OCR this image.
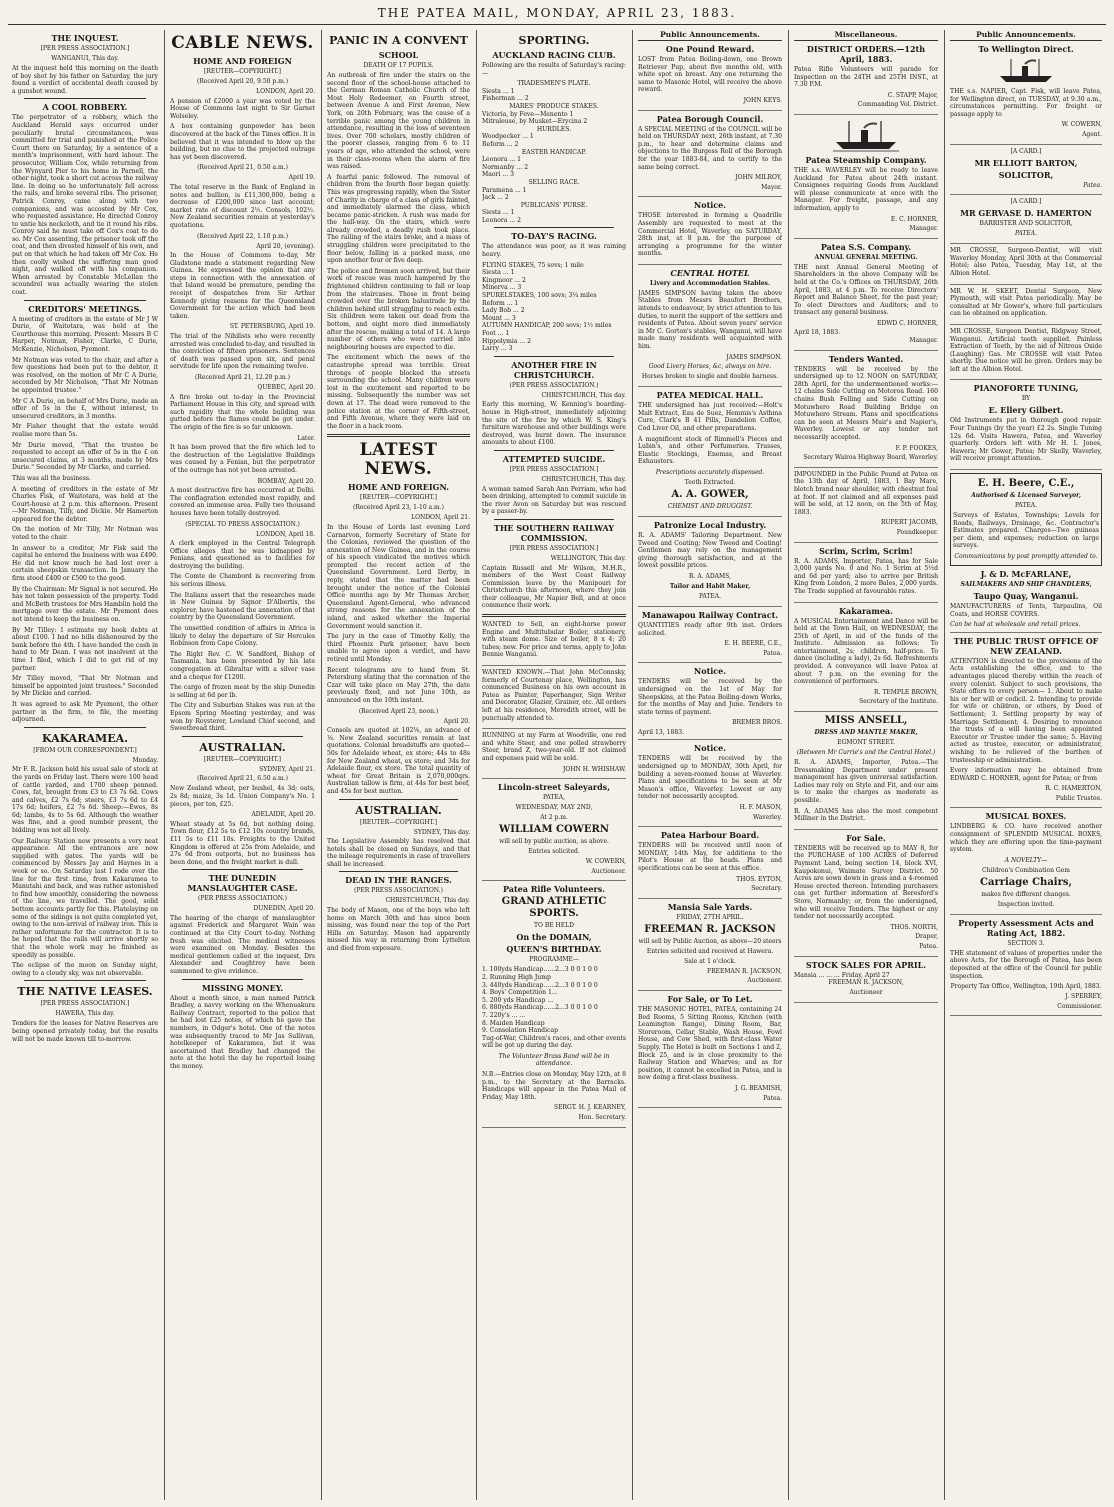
THE PATEA MAIL, MONDAY, APRIL 23, 1883.
THE INQUEST.
[PER PRESS ASSOCIATION.]
WANGANUI, This day.

At the inquest held this morning on the death of boy shot by his father on Saturday, the jury found a verdict of accidental death caused by a gunshot wound.

A COOL ROBBERY.

The perpetrator of a robbery, which the Auckland Herald says occurred under peculiarly brutal circumstances, was committed for trial and punished at the Police Court there on Saturday, by a sentence of a month's imprisonment, with hard labour. The prosecutor, William Cox, while returning from the Wynyard Pier to his home in Parnell, the other night, took a short cut across the railway line. In doing so he unfortunately fell across the rails, and broke several ribs. The prisoner, Patrick Conroy, came along with two companions, and was accosted by Mr Cox, who requested assistance. He directed Conroy to untie his neckcloth, and tie it round his ribs. Conroy said he must take off Cox's coat to do so. Mr Cox assenting, the prisoner took off the coat, and then divested himself of his own, and put on that which he had taken off Mr Cox. He then coolly wished the suffering man good night, and walked off with his companion. When arrested by Constable McLellan the scoundrel was actually wearing the stolen coat.

CREDITORS' MEETINGS.

A meeting of creditors in the estate of Mr J W Durie, of Waitotara, was held at the Courthouse this morning. Present: Messrs B C Harper, Notman, Fisher, Clarke, C Durie, McKenzie, Nicholson, Pyemont.

Mr Notman was voted to the chair, and after a few questions had been put to the debtor, it was resolved, on the motion of Mr C A Durie, seconded by Mr Nicholson, "That Mr Notman be appointed trustee."

Mr C A Durie, on behalf of Mrs Durie, made an offer of 5s in the £, without interest, to unsecured creditors, in 3 months.

Mr Fisher thought that the estate would realise more than 5s.

Mr Durie moved, "That the trustee be requested to accept an offer of 5s in the £ on unsecured claims, at 3 months, made by Mrs Durie." Seconded by Mr Clarke, and carried.

This was all the business.

A meeting of creditors in the estate of Mr Charles Fisk, of Waitotara, was held at the Court-house at 2 p.m. this afternoon. Present—Mr Notman, Tilly, and Dickie. Mr Hamerton appeared for the debtor.

On the motion of Mr Tilly, Mr Notman was voted to the chair.

In answer to a creditor, Mr Fisk said the capital he entered the business with was £490. He did not know much he had lost over a certain sheepskin transaction. In January the firm stood £400 or £500 to the good.

By the Chairman: Mr Signal is not secured. He has not taken possession of the property. Todd and McBeth trustees for Mrs Hamblin hold the mortgage over the estate. Mr Pyemont does not intend to keep the business on.

By Mr Tilley: I estimate my book debts at about £100. I had no bills dishonoured by the bank before the 4th. I have handed the cash in hand to Mr Dean. I was not insolvent at the time I filed, which I did to get rid of my partner.

Mr Tilley moved, "That Mr Notman and himself be appointed joint trustees." Seconded by Mr Dickie and carried.

It was agreed to ask Mr Pyemont, the other partner in the firm, to file, the meeting adjourned.

KAKARAMEA.
[FROM OUR CORRESPONDENT.]
Monday.

Mr F. R. Jackson held his usual sale of stock at the yards on Friday last. There were 100 head of cattle yarded, and 1700 sheep penned. Cows, fat, brought from £3 to £3 7s 6d. Cows and calves, £2 7s 6d; steers, £3 7s 6d to £4 17s 6d; heifers, £2 7s 6d. Sheep:—Ewes, 8s 6d; lambs, 4s to 5s 6d. Although the weather was fine, and a good number present, the bidding was not all lively.

Our Railway Station now presents a very neat appearance. All the entrances are now supplied with gates. The yards will be commenced by Messrs Jay and Haynes in a week or so. On Saturday last I rode over the line for the first time, from Kakaramea to Manutahi and back, and was rather astonished to find how smoothly, considering the newness of the line, we travelled. The good, solid bottom accounts partly for this. Platelaying on some of the sidings is not quite completed yet, owing to the non-arrival of railway iron. This is rather unfortunate for the contractor. It is to be hoped that the rails will arrive shortly so that the whole work may be finished as speedily as possible.

The eclipse of the moon on Sunday night, owing to a cloudy sky, was not observable.

THE NATIVE LEASES.
[PER PRESS ASSOCIATION.]
HAWERA, This day.

Tenders for the leases for Native Reserves are being opened privately today, but the results will not be made known till to-morrow.

CABLE NEWS.
HOME AND FOREIGN
[REUTER—COPYRIGHT.]
(Received April 20, 9.50 p.m.)
LONDON, April 20.

A pension of £2000 a year was voted by the House of Commons last night to Sir Garnet Wolseley.

A box containing gunpowder has been discovered at the back of the Times office. It is believed that it was intended to blow up the building, but no clue to the projected outrage has yet been discovered.

(Received April 21, 0.50 a.m.)
April 19.

The total reserve in the Bank of England in notes and bullion, is £11,300,000, being a decrease of £200,000 since last account; market rate of discount 2½. Consols, 102½. New Zealand securities remain at yesterday's quotations.

(Received April 22, 1.10 p.m.)
April 20, (evening).

In the House of Commons to-day, Mr Gladstone made a statement regarding New Guinea. He expressed the opinion that any steps in connection with the annexation of that Island would be premature, pending the receipt of despatches from Sir Arthur Kennedy giving reasons for the Queensland Government for the action which had been taken.

ST. PETERSBURG, April 19.

The trial of the Nihilists who were recently arrested was concluded to-day, and resulted in the conviction of fifteen prisoners. Sentences of death was passed upon six, and penal servitude for life upon the remaining twelve.

(Received April 21, 12.20 p.m.)
QUEBEC, April 20.

A fire broke out to-day in the Provincial Parliament House in this city, and spread with such rapidity that the whole building was gutted before the flames could be got under. The origin of the fire is so far unknown.

Later.

It has been proved that the fire which led to the destruction of the Legislative Buildings was caused by a Fenian, but the perpetrator of the outrage has not yet been arrested.

BOMBAY, April 20.

A most destructive fire has occurred at Delhi. The conflagration extended most rapidly, and covered an immense area. Fully two thousand houses have been totally destroyed.

(SPECIAL TO PRESS ASSOCIATION.)
LONDON, April 18.

A clerk employed in the Central Telegraph Office alleges that he was kidnapped by Fenians, and questioned as to facilities for destroying the building.

The Comte de Chambord is recovering from his serious illness.

The Italians assert that the researches made in New Guinea by Signor D'Albertis, the explorer, have hastened the annexation of that country by the Queensland Government.

The unsettled condition of affairs in Africa is likely to delay the departure of Sir Hercules Robinson from Cape Colony.

The Right Rev. C. W. Sandford, Bishop of Tasmania, has been presented by his late congregation at Gibraltar with a silver vase and a cheque for £1200.

The cargo of frozen meat by the ship Dunedin is selling at 6d per lb.

The City and Suburban Stakes was run at the Epsom Spring Meeting yesterday, and was won by Roysterer, Lowland Chief second, and Sweetbread third.

AUSTRALIAN.
[REUTER—COPYRIGHT.]
SYDNEY, April 21.
(Received April 21, 6.50 a.m.)

New Zealand wheat, per bushel, 4s 3d; oats, 2s 8d; maize, 3s 1d. Union Company's No. 1 pieces, per ton, £25.

ADELAIDE, April 20.

Wheat steady at 5s 6d, but nothing doing. Town flour, £12 5s to £12 10s country brands, £11 5s to £11 10s. Freights to the United Kingdom is offered at 25s from Adelaide, and 27s 6d from outports, but no business has been done, and the freight market is dull.

THE DUNEDIN MANSLAUGHTER CASE.
(PER PRESS ASSOCIATION.)
DUNEDIN, April 20.

The hearing of the charge of manslaughter against Frederick and Margaret Wain was continued at the City Court to-day. Nothing fresh was elicited. The medical witnesses were examined on Monday. Besides the medical gentlemen called at the inquest, Drs Alexander and Coughtrey have been summoned to give evidence.

MISSING MONEY.

About a month since, a man named Patrick Bradley, a navvy working on the Whenuakura Railway Contract, reported to the police that he had lost £25 notes, of which he gave the numbers, in Odger's hotel. One of the notes was subsequently traced to Mr Jas Sullivan, hotelkeeper of Kakaramea, but it was ascertained that Bradley had changed the note at the hotel the day he reported losing the money.

PANIC IN A CONVENT
SCHOOL
DEATH OF 17 PUPILS.

An outbreak of fire under the stairs on the second floor of the school-house attached to the German Roman Catholic Church of the Most Holy Redeemer, on Fourth street, between Avenue A and First Avenue, New York, on 20th February, was the cause of a terrible panic among the young children in attendance, resulting in the loss of seventeen lives. Over 700 scholars, mostly children of the poorer classes, ranging from 6 to 11 years of age, who attended the school, were in their class-rooms when the alarm of fire was raised.

A fearful panic followed. The removal of children from the fourth floor began quietly. This was progressing rapidly, when the Sister of Charity in charge of a class of girls fainted, and immediately alarmed the class, which became panic-stricken. A rush was made for the hall-way. On the stairs, which were already crowded, a deadly rush took place. The railing of the stairs broke, and a mass of struggling children were precipitated to the floor below, falling in a packed mass, one upon another four or five deep.

The police and firemen soon arrived, but their work of rescue was much hampered by the frightened children continuing to fall or leap from the staircases. Those in front being crowded over the broken balustrade by the children behind still struggling to reach exits. Six children were taken out dead from the bottom, and eight more died immediately after the rescue, making a total of 14. A large number of others who were carried into neighbouring houses are expected to die.

The excitement which the news of the catastrophe spread was terrible. Great throngs of people blocked the streets surrounding the school. Many children were lost in the excitement and reported to be missing. Subsequently the number was set down at 17. The dead were removed to the police station at the corner of Fifth-street, and Fifth Avenue, where they were laid on the floor in a back room.

LATEST NEWS.
HOME AND FOREIGN.
[REUTER—COPYRIGHT.]
(Received April 23, 1-10 a.m.)
LONDON, April 21.

In the House of Lords last evening Lord Carnarvon, formerly Secretary of State for the Colonies, reviewed the question of the annexation of New Guinea, and in the course of his speech vindicated the motives which prompted the recent action of the Queensland Government. Lord Derby, in reply, stated that the matter had been brought under the notice of the Colonial Office months ago by Mr Thomas Archer, Queensland Agent-General, who advanced strong reasons for the annexation of the island, and asked whether the Imperial Government would sanction it.

The jury in the case of Timothy Kelly, the third Phoenix Park prisoner, have been unable to agree upon a verdict, and have retired until Monday.

Recent telegrams are to hand from St. Petersburg stating that the coronation of the Czar will take place on May 27th, the date previously fixed, and not June 10th, as announced on the 10th instant.

(Received April 23, noon.)
April 20.

Consols are quoted at 102⅛, an advance of ⅛. New Zealand securities remain at last quotations. Colonial breadstuffs are quoted—50s for Adelaide wheat, ex store; 44s to 48s for New Zealand wheat, ex store; and 34s for Adelaide flour, ex store. The total quantity of wheat for Great Britain is 2,070,000qrs. Australian tallow is firm, at 44s for best beef, and 45s for best mutton.

AUSTRALIAN.
[REUTER—COPYRIGHT.]
SYDNEY, This day.

The Legislative Assembly has resolved that hotels shall be closed on Sundays, and that the mileage requirements in case of travellers shall be increased.

DEAD IN THE RANGES.
(PER PRESS ASSOCIATION.)
CHRISTCHURCH, This day.

The body of Mason, one of the boys who left home on March 30th and has since been missing, was found near the top of the Port Hills on Saturday. Mason had apparently missed his way in returning from Lyttelton and died from exposure.

SPORTING.
AUCKLAND RACING CLUB.

Following are the results of Saturday's racing:—

TRADESMEN'S PLATE.
Siesta ... 1
Fisherman ... 2
MARES' PRODUCE STAKES.
Victoria, by Feve—Menento 1
Mitraleuse, by Musket—Erycina 2
HURDLES.
Woodpecker ... 1
Reform ... 2
EASTER HANDICAP.
Leonora ... 1
Normanby ... 2
Maori ... 3
SELLING RACE.
Paramena ... 1
Jack ... 2
PUBLICANS' PURSE.
Siesta ... 1
Leonora ... 2
TO-DAY'S RACING.

The attendance was poor, as it was raining heavy.

FLYING STAKES, 75 sovs; 1 mile
Siesta ... 1
Kingmoor ... 2
Minerva ... 3
SPURELSTAKES, 100 sovs; 3¼ miles
Reform ... 1
Lady Bob ... 2
Mount ... 3
AUTUMN HANDICAP, 200 sovs; 1½ miles
Foot ... 1
Hippolymia ... 2
Larry ... 3
ANOTHER FIRE IN CHRISTCHURCH.
(PER PRESS ASSOCIATION.)
CHRISTCHURCH, This day.

Early this morning, W. Kenning's boarding-house in High-street, immediately adjoining the site of the fire by which W. S. King's furniture warehouse and other buildings were destroyed, was burnt down. The insurance amounts to about £100.

ATTEMPTED SUICIDE.
[PER PRESS ASSOCIATION.]
CHRISTCHURCH, This day.

A woman named Sarah Ann Perriam, who had been drinking, attempted to commit suicide in the river Avon on Saturday but was rescued by a passer-by.

THE SOUTHERN RAILWAY COMMISSION.
[PER PRESS ASSOCIATION.]
WELLINGTON, This day.

Captain Russell and Mr Wilson, M.H.R., members of the West Coast Railway Commission leave by the Manipouri for Christchurch this afternoon, where they join their colleague, Mr Napier Bell, and at once commence their work.

WANTED to Sell, an eight-horse power Engine and Multitubular Boiler, stationery, with steam dome. Size of boiler, 8 x 4; 20 tubes; new. For price and terms, apply to John Bennie Wanganui.

WANTED KNOWN.—That John McConnsky, formerly of Courtenay place, Wellington, has commenced Business on his own account in Patea as Painter, Paperhanger, Sign Writer and Decorator, Glazier, Grainer, etc. All orders left at his residence, Meredith street, will be punctually attended to.

RUNNING at my Farm at Woodville, one red and white Steer, and one polled strawberry Steer, brand Z, two-year-old. If not claimed and expenses paid will be sold.

JOHN H. WHISHAW.
Lincoln-street Saleyards,
PATEA,
WEDNESDAY, MAY 2ND,
At 2 p.m.
WILLIAM COWERN
will sell by public auction, as above.
Entries solicited.
W. COWERN,
Auctioneer.
Patea Rifle Volunteers.
GRAND ATHLETIC SPORTS.
TO BE HELD
On the DOMAIN,
QUEEN'S BIRTHDAY.
PROGRAMME—
1. 100yds Handicap......2...3 0 0 1 0 0
2. Running High Jump
3. 440yds Handicap......2...3 0 0 1 0 0
4. Boys' Competition 1...
5. 200 yds Handicap ...
6. 880yds Handicap......2...3 0 0 1 0 0
7. 220y's ... ...
8. Maiden Handicap
9. Consolation Handicap

Tug-of-War, Children's races, and other events will be got up during the day.

The Volunteer Brass Band will be in attendance.

N.B.—Entries close on Monday, May 12th, at 8 p.m., to the Secretary at the Barracks. Handicaps will appear in the Patea Mail of Friday, May 18th.

SERGT. H. J. KEARNEY,
Hon. Secretary.
Public Announcements.
One Pound Reward.

LOST from Patea Boiling-down, one Brown Retriever Pup, about five months old, with white spot on breast. Any one returning the same to Masonic Hotel, will receive the above reward.

JOHN KEYS.
Patea Borough Council.

A SPECIAL MEETING of the COUNCIL will be held on THURSDAY next, 26th instant, at 7.30 p.m., to hear and determine claims and objections to the Burgess Roll of the Borough for the year 1883-84, and to certify to the same being correct.

JOHN MILROY,
Mayor.
Notice.

THOSE interested in forming a Quadrille Assembly are requested to meet at the Commercial Hotel, Waverley, on SATURDAY, 28th inst, at 8 p.m. for the purpose of arranging a programme for the winter months.

CENTRAL HOTEL
Livery and Accommodation Stables.

JAMES SIMPSON having taken the above Stables from Messrs Beaufort Brothers, intends to endeavour, by strict attention to his duties, to merit the support of the settlers and residents of Patea. About seven years' service in Mr C. Gorton's stables, Wanganui, will have made many residents well acquainted with him.

JAMES SIMPSON.
Good Livery Horses, &c, always on hire.
Horses broken to single and double harness.
PATEA MEDICAL HALL.

THE undersigned has just received:—Holt's Malt Extract, Eau de Suez, Hemmis's Asthma Cure, Clark's B 41 Pills, Dandelion Coffee, Cod Liver Oil, and other preparations.

A magnificent stock of Rimmell's Pieces and Lubin's, and other Perfumeries. Trusses, Elastic Stockings, Enemas, and Breast Exhausters.

Prescriptions accurately dispensed.
Teeth Extracted.
A. A. GOWER,
CHEMIST AND DRUGGIST.
Patronize Local Industry.

R. A. ADAMS' Tailoring Department. New Tweed and Coating; New Tweed and Coating! Gentlemen may rely on the management giving thorough satisfaction, and at the lowest possible prices.

R. A. ADAMS,
Tailor and Habit Maker,
PATEA.
Manawapou Railway Contract.

QUANTITIES ready after 9th inst. Orders solicited.

E. H. BEERE, C.E.,
Patea.
Notice.

TENDERS will be received by the undersigned on the 1st of May for Sheepskins, at the Patea Boiling-down Works, for the months of May and June. Tenders to state terms of payment.

BREMER BROS.
April 13, 1883.
Notice.

TENDERS will be received by the undersigned up to MONDAY, 30th April, for building a seven-roomed house at Waverley. Plans and specifications to be seen at Mr Mason's office, Waverley. Lowest or any tender not necessarily accepted.

H. F. MASON,
Waverley.
Patea Harbour Board.

TENDERS will be received until noon of MONDAY, 14th May, for additions to the Pilot's House at the heads. Plans and specifications can be seen at this office.

THOS. EYTON,
Secretary.
Mansia Sale Yards.
FRIDAY, 27TH APRIL.
FREEMAN R. JACKSON
will sell by Public Auction, as above—20 steers
Entries solicited and received at Hawera.
Sale at 1 o'clock.
FREEMAN R. JACKSON,
Auctioneer.
For Sale, or To Let.

THE MASONIC HOTEL, PATEA, containing 24 Bed Rooms, 5 Sitting Rooms, Kitchen (with Leamington Range), Dining Room, Bar, Storeroom, Cellar, Stable, Wash House, Fowl House, and Cow Shed, with first-class Water Supply. The Hotel is built on Sections 1 and 2, Block 25, and is in close proximity to the Railway Station and Wharves; and as for position, it cannot be excelled in Patea, and is now doing a first-class business.

J. G. BEAMISH,
Patea.
Miscellaneous.
DISTRICT ORDERS.—12th April, 1883.

Patea Rifle Volunteers will parade for Inspection on the 24TH and 25TH INST., at 7.30 P.M.

C. STAPP, Major,
Commanding Vol. District.
Patea Steamship Company.

THE s.s. WAVERLEY will be ready to leave Auckland for Patea about 24th instant. Consignees requiring Goods from Auckland will please communicate at once with the Manager. For freight, passage, and any information, apply to

E. C. HORNER,
Manager.
Patea S.S. Company.
ANNUAL GENERAL MEETING.

THE next Annual General Meeting of Shareholders in the above Company will be held at the Co.'s Offices on THURSDAY, 26th April, 1883, at 4 p.m. To receive Directors' Report and Balance Sheet, for the past year; To elect Directors and Auditors; and to transact any general business.

EDWD C. HORNER,
April 18, 1883.
Manager.
Tenders Wanted.

TENDERS will be received by the undersigned up to 12 NOON on SATURDAY, 28th April, for the undermentioned works:— 12 chains Side Cutting on Motoroa Road. 160 chains Bush Felling and Side Cutting on Motuwhero Road Building Bridge on Motuwhero Stream. Plans and specifications can be seen at Messrs Muir's and Napier's, Waverley. Lowest or any tender not necessarily accepted.

F. P. FOOKES,
Secretary Wairoa Highway Board, Waverley.

IMPOUNDED in the Public Pound at Patea on the 13th day of April, 1883, 1 Bay Mare, blotch brand near shoulder, with chestnut foal at foot. If not claimed and all expenses paid will be sold, at 12 noon, on the 5th of May, 1883.

RUPERT JACOMB,
Poundkeeper.
Scrim, Scrim, Scrim!

R. A. ADAMS, Importer, Patea, has for Sale 3,000 yards No. 0 and No. 1 Scrim at 5½d and 6d per yard; also to arrive per British King from London, 2 more Bales, 2,000 yards. The Trade supplied at favourable rates.

Kakaramea.

A MUSICAL Entertainment and Dance will be held at the Town Hall, on WEDNESDAY, the 25th of April, in aid of the funds of the Institute. Admission as follows: To entertainment, 2s; children, half-price. To dance (including a lady), 2s 6d. Refreshments provided. A conveyance will leave Patea at about 7 p.m. on the evening for the convenience of performers.

R. TEMPLE BROWN,
Secretary of the Institute.
MISS ANSELL,
DRESS AND MANTLE MAKER,
EGMONT STREET.
(Between Mr Currie's and the Central Hotel.)

R. A. ADAMS, Importer, Patea.—The Dressmaking Department under present management has given universal satisfaction. Ladies may rely on Style and Fit, and our aim is to make the charges as moderate as possible.

R. A. ADAMS has also the most competent Milliner in the District.

For Sale.

TENDERS will be received up to MAY 8, for the PURCHASE of 100 ACRES of Deferred Payment Land, being section 14, block XVI, Kaupokonui, Waimate Survey District. 50 Acres are sown down in grass and a 4-roomed House erected thereon. Intending purchasers can get further information at Beresford's Store, Normanby; or, from the undersigned, who will receive Tenders. The highest or any tender not necessarily accepted.

THOS. NORTH,
Draper,
Patea.
STOCK SALES FOR APRIL.
Mansia ... ... ... Friday, April 27
FREEMAN R. JACKSON,
Auctioneer
Public Announcements.
To Wellington Direct.

THE s.s. NAPIER, Capt. Fisk, will leave Patea, for Wellington direct, on TUESDAY, at 9.30 a.m., circumstances permitting. For freight or passage apply to

W. COWERN,
Agent.
[A CARD.]
MR ELLIOTT BARTON,
SOLICITOR,
Patea.
[A CARD.]
MR GERVASE D. HAMERTON
BARRISTER AND SOLICITOR,
PATEA.

MR CROSSE, Surgeon-Dentist, will visit Waverley Monday, April 30th at the Commercial Hotel; also Patea, Tuesday, May 1st, at the Albion Hotel.

MR W. H. SKEET, Dental Surgeon, New Plymouth, will visit Patea periodically. May be consulted at Mr Gower's, where full particulars can be obtained on application.

MR CROSSE, Surgeon Dentist, Ridgway Street, Wanganui. Artificial teeth supplied. Painless Extraction of Teeth, by the aid of Nitrous Oxide (Laughing) Gas. Mr CROSSE will visit Patea shortly. Due notice will be given. Orders may be left at the Albion Hotel.

PIANOFORTE TUNING,
BY
E. Ellery Gilbert.

Old Instruments put in thorough good repair. Four Tunings (by the year) £2 2s. Single Tuning 12s 6d. Visits Hawera, Patea, and Waverley quarterly. Orders left with Mr H. I. Jones, Hawera; Mr Gower, Patea; Mr Skelly, Waverley, will receive prompt attention.

E. H. Beere, C.E.,
Authorised & Licensed Surveyor,
PATEA.

Surveys of Estates, Townships; Levels for Roads, Railways, Drainage, &c. Contractor's Estimates prepared. Charges—Two guineas per diem, and expenses; reduction on large surveys.

Communications by post promptly attended to.
J. & D. McFARLANE,
SAILMAKERS AND SHIP CHANDLERS,
Taupo Quay, Wanganui.

MANUFACTURERS of Tents, Tarpaulins, Oil Coats, and HORSE COVERS.

Can be had at wholesale and retail prices.
THE PUBLIC TRUST OFFICE OF NEW ZEALAND.

ATTENTION is directed to the provisions of the Acts establishing the office, and to the advantages placed thereby within the reach of every colonist. Subject to such provisions, the State offers to every person— 1. About to make his or her will or codicil. 2. Intending to provide for wife or children, or others, by Deed of Settlement; 3. Settling property by way of Marriage Settlement; 4. Desiring to renounce the trusts of a will having been appointed Executor or Trustee under the same; 5. Having acted as trustee, executor, or administrator, wishing to be relieved of the burthen of trusteeship or administration.

Every information may be obtained from EDWARD C. HORNER, agent for Patea; or from

R. C. HAMERTON,
Public Trustee.
MUSICAL BOXES.

LINDBERG & CO. have received another consignment of SPLENDID MUSICAL BOXES, which they are offering upon the time-payment system.

A NOVELTY—
Children's Combination Gem
Carriage Chairs,
makes five different changes.
Inspection invited.
Property Assessment Acts and Rating Act, 1882.
SECTION 3.

THE statement of values of properties under the above Acts, for the Borough of Patea, has been deposited at the office of the Council for public inspection.

Property Tax Office, Wellington, 19th April, 1883.
J. SPERREY,
Commissioner.
